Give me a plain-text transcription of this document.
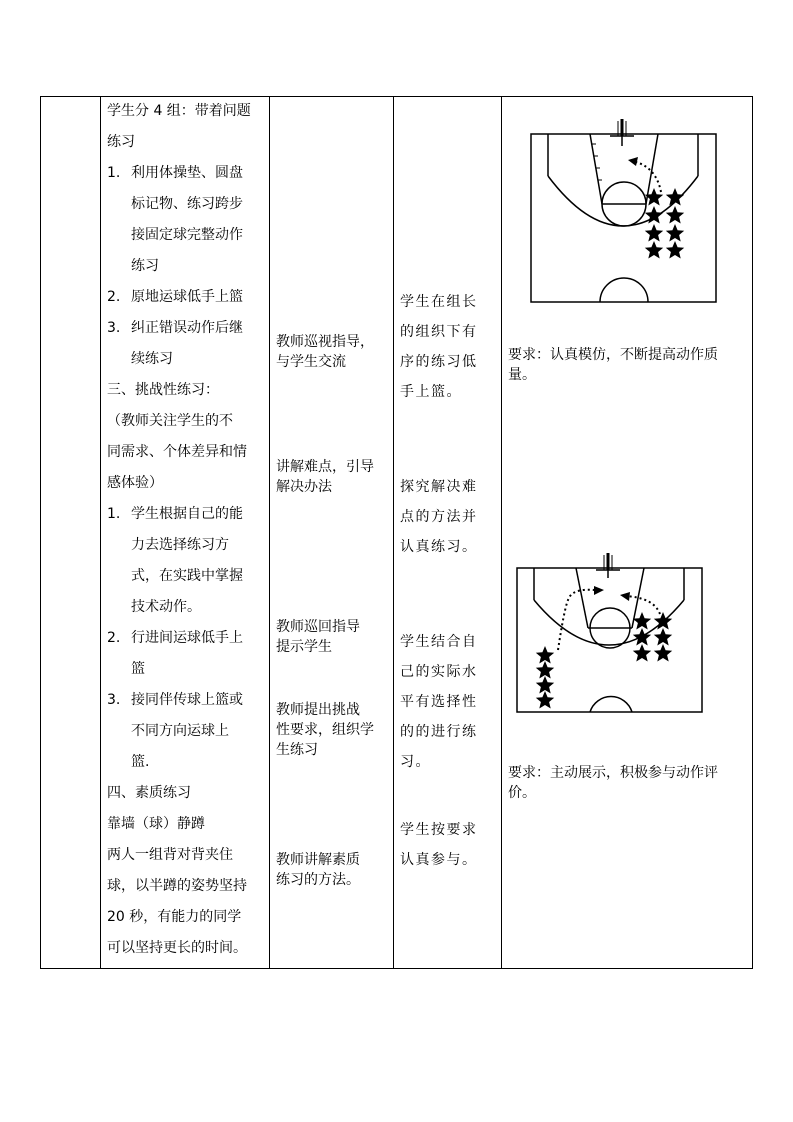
学生分 4 组：带着问题
练习
1. 利用体操垫、圆盘
标记物、练习跨步
接固定球完整动作
练习
2. 原地运球低手上篮
3. 纠正错误动作后继
续练习
三、挑战性练习：
（教师关注学生的不
同需求、个体差异和情
感体验）
1. 学生根据自己的能
力去选择练习方
式，在实践中掌握
技术动作。
2. 行进间运球低手上
篮
3. 接同伴传球上篮或
不同方向运球上
篮.
四、素质练习
靠墙（球）静蹲
两人一组背对背夹住
球，以半蹲的姿势坚持
20 秒，有能力的同学
可以坚持更长的时间。
教师巡视指导，
与学生交流
讲解难点，引导
解决办法
教师巡回指导
提示学生
教师提出挑战
性要求，组织学
生练习
教师讲解素质
练习的方法。
学生在组长
的组织下有
序的练习低
手上篮。
探究解决难
点的方法并
认真练习。
学生结合自
己的实际水
平有选择性
的的进行练
习。
学生按要求
认真参与。
要求：认真模仿，不断提高动作质
量。
要求：主动展示，积极参与动作评
价。
